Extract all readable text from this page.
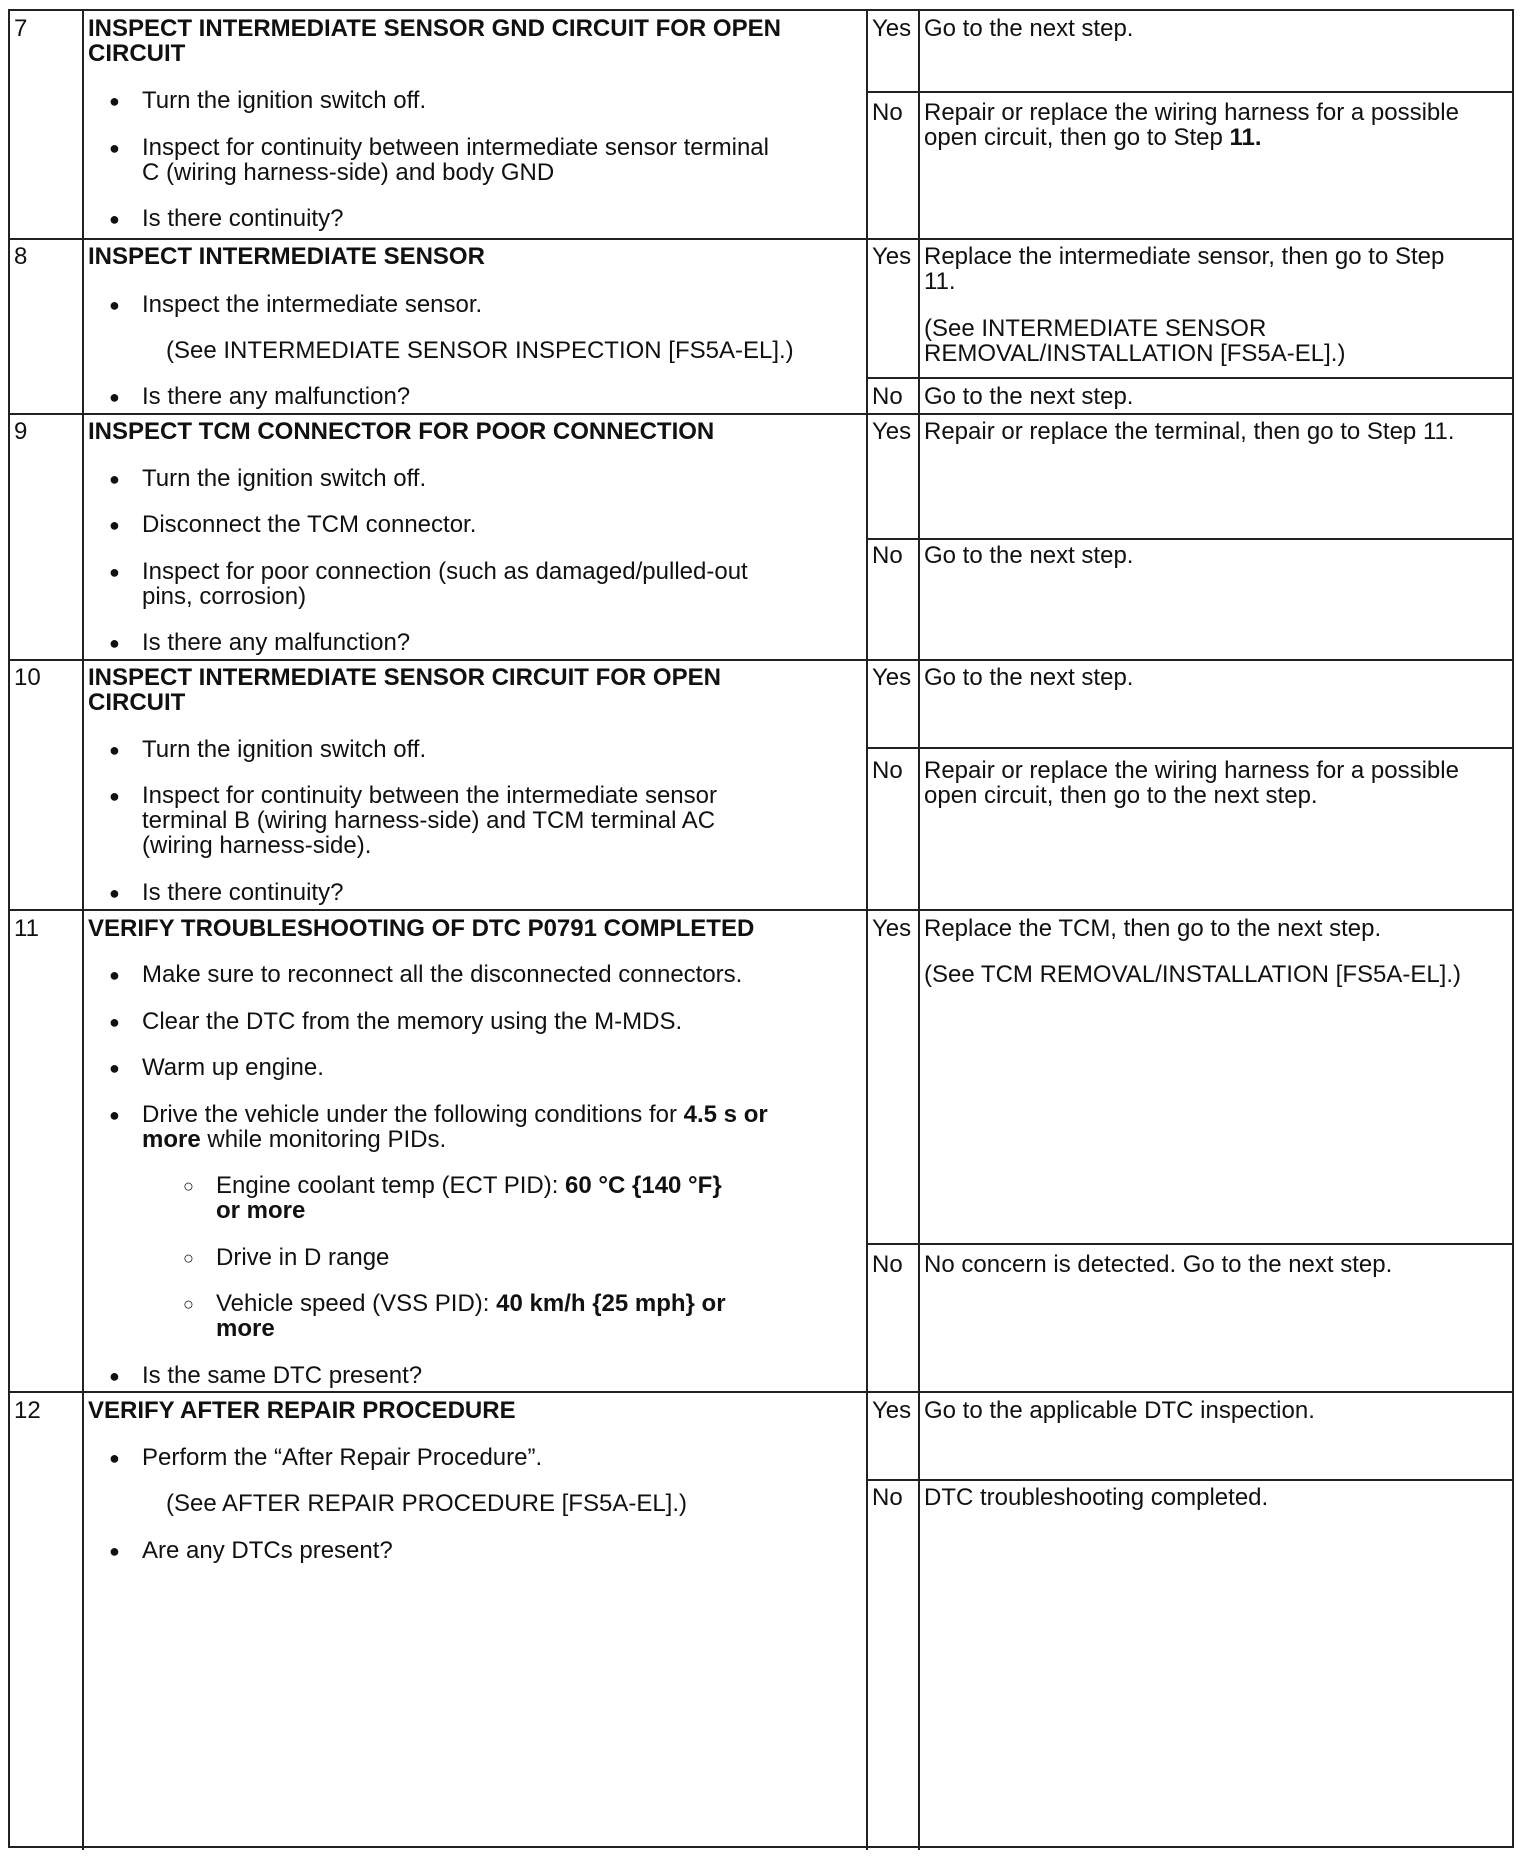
7	INSPECT INTERMEDIATE SENSOR GND CIRCUIT FOR OPEN
CIRCUIT
● Turn the ignition switch off.
● Inspect for continuity between intermediate sensor terminal
C (wiring harness-side) and body GND
● Is there continuity?
Yes Go to the next step.
No Repair or replace the wiring harness for a possible
open circuit, then go to Step 11.
8	INSPECT INTERMEDIATE SENSOR
● Inspect the intermediate sensor.
(See INTERMEDIATE SENSOR INSPECTION [FS5A-EL].)
● Is there any malfunction?
Yes Replace the intermediate sensor, then go to Step
11.
(See INTERMEDIATE SENSOR
REMOVAL/INSTALLATION [FS5A-EL].)
No Go to the next step.
9	INSPECT TCM CONNECTOR FOR POOR CONNECTION
● Turn the ignition switch off.
● Disconnect the TCM connector.
● Inspect for poor connection (such as damaged/pulled-out
pins, corrosion)
● Is there any malfunction?
Yes Repair or replace the terminal, then go to Step 11.
No Go to the next step.
10 INSPECT INTERMEDIATE SENSOR CIRCUIT FOR OPEN
CIRCUIT
● Turn the ignition switch off.
● Inspect for continuity between the intermediate sensor
terminal B (wiring harness-side) and TCM terminal AC
(wiring harness-side).
● Is there continuity?
Yes Go to the next step.
No Repair or replace the wiring harness for a possible
open circuit, then go to the next step.
11 VERIFY TROUBLESHOOTING OF DTC P0791 COMPLETED
● Make sure to reconnect all the disconnected connectors.
● Clear the DTC from the memory using the M-MDS.
● Warm up engine.
● Drive the vehicle under the following conditions for 4.5 s or
more while monitoring PIDs.
○ Engine coolant temp (ECT PID): 60 °C {140 °F}
or more
○ Drive in D range
○ Vehicle speed (VSS PID): 40 km/h {25 mph} or
more
● Is the same DTC present?
Yes Replace the TCM, then go to the next step.
(See TCM REMOVAL/INSTALLATION [FS5A-EL].)
No No concern is detected. Go to the next step.
12 VERIFY AFTER REPAIR PROCEDURE
● Perform the “After Repair Procedure”.
(See AFTER REPAIR PROCEDURE [FS5A-EL].)
● Are any DTCs present?
Yes Go to the applicable DTC inspection.
No DTC troubleshooting completed.
